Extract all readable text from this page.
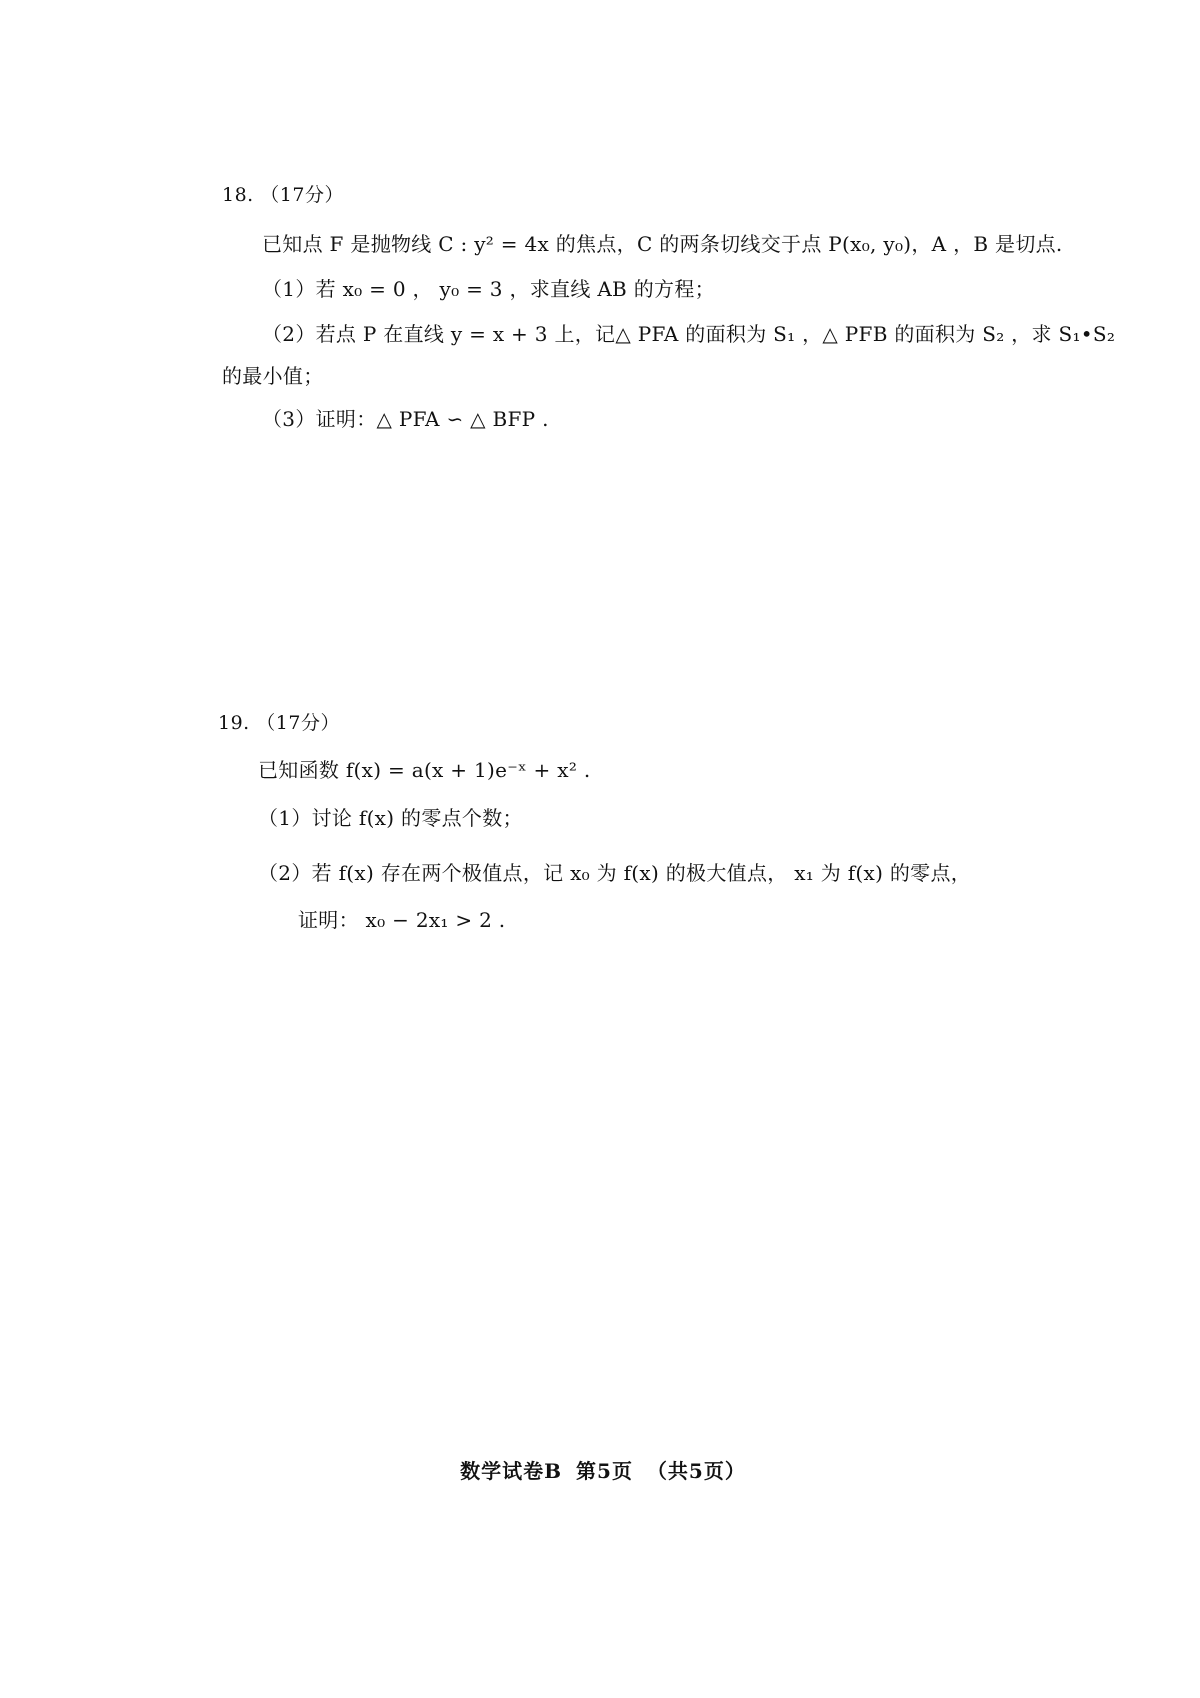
18. （17分）
已知点 F 是抛物线 C : y² = 4x 的焦点，C 的两条切线交于点 P(x₀, y₀)，A ，B 是切点.
（1）若 x₀ = 0 ， y₀ = 3 ，求直线 AB 的方程；
（2）若点 P 在直线 y = x + 3 上，记△ PFA 的面积为 S₁ ，△ PFB 的面积为 S₂ ，求 S₁•S₂
的最小值；
（3）证明：△ PFA ∽ △ BFP .
19. （17分）
已知函数 f(x) = a(x + 1)e⁻ˣ + x² .
（1）讨论 f(x) 的零点个数；
（2）若 f(x) 存在两个极值点，记 x₀ 为 f(x) 的极大值点， x₁ 为 f(x) 的零点，
证明： x₀ − 2x₁ > 2 .
数学试卷B 第5页 （共5页）
